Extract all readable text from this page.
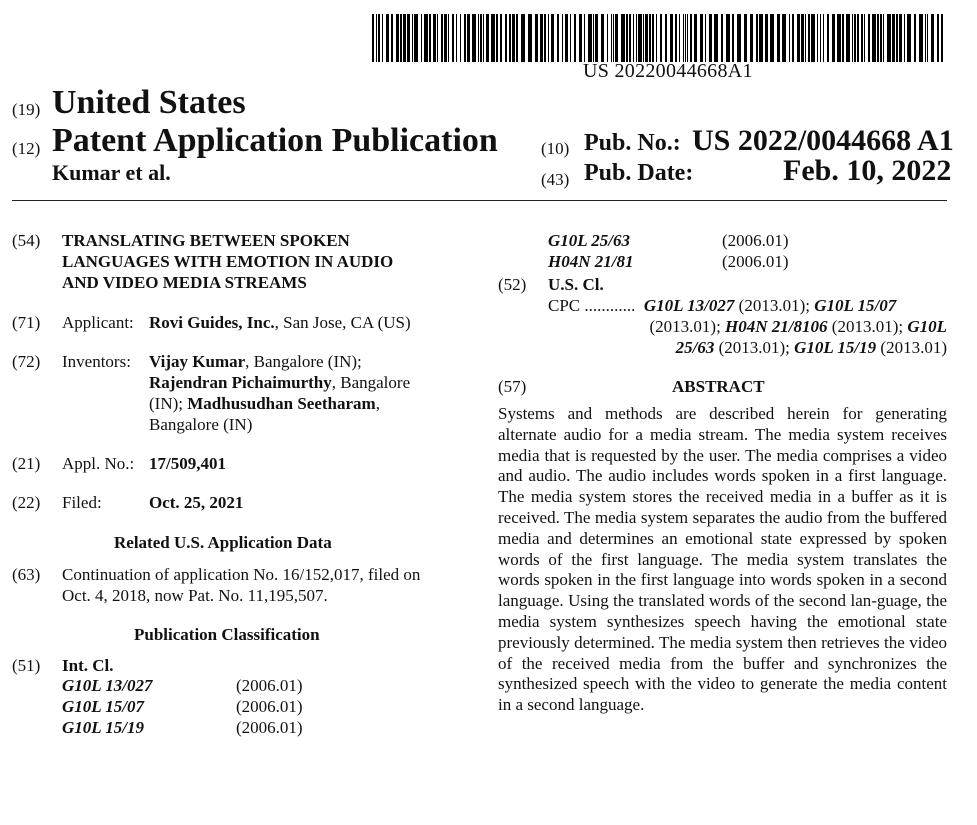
US 20220044668A1
(19) United States
(12) Patent Application Publication
Kumar et al.
(10) Pub. No.: US 2022/0044668 A1
(43) Pub. Date:	Feb. 10, 2022
(54) TRANSLATING BETWEEN SPOKEN
LANGUAGES WITH EMOTION IN AUDIO
AND VIDEO MEDIA STREAMS
(71) Applicant: Rovi Guides, Inc., San Jose, CA (US)
(72) Inventors: Vijay Kumar, Bangalore (IN);
Rajendran Pichaimurthy, Bangalore
(IN); Madhusudhan Seetharam,
Bangalore (IN)
(21) Appl. No.: 17/509,401
(22) Filed:	Oct. 25, 2021
Related U.S. Application Data
(63) Continuation of application No. 16/152,017, filed on
Oct. 4, 2018, now Pat. No. 11,195,507.
Publication Classification
(51) Int. Cl.
G10L 13/027	(2006.01)
G10L 15/07	(2006.01)
G10L 15/19	(2006.01)
G10L 25/63	(2006.01)
H04N 21/81	(2006.01)
(52) U.S. Cl.
CPC ............ G10L 13/027 (2013.01); G10L 15/07
(2013.01); H04N 21/8106 (2013.01); G10L
25/63 (2013.01); G10L 15/19 (2013.01)
(57)	ABSTRACT
Systems and methods are described herein for generating alternate audio for a media stream. The media system receives media that is requested by the user. The media comprises a video and audio. The audio includes words spoken in a first language. The media system stores the received media in a buffer as it is received. The media system separates the audio from the buffered media and determines an emotional state expressed by spoken words of the first language. The media system translates the words spoken in the first language into words spoken in a second language. Using the translated words of the second lan-guage, the media system synthesizes speech having the emotional state previously determined. The media system then retrieves the video of the received media from the buffer and synchronizes the synthesized speech with the video to generate the media content in a second language.
